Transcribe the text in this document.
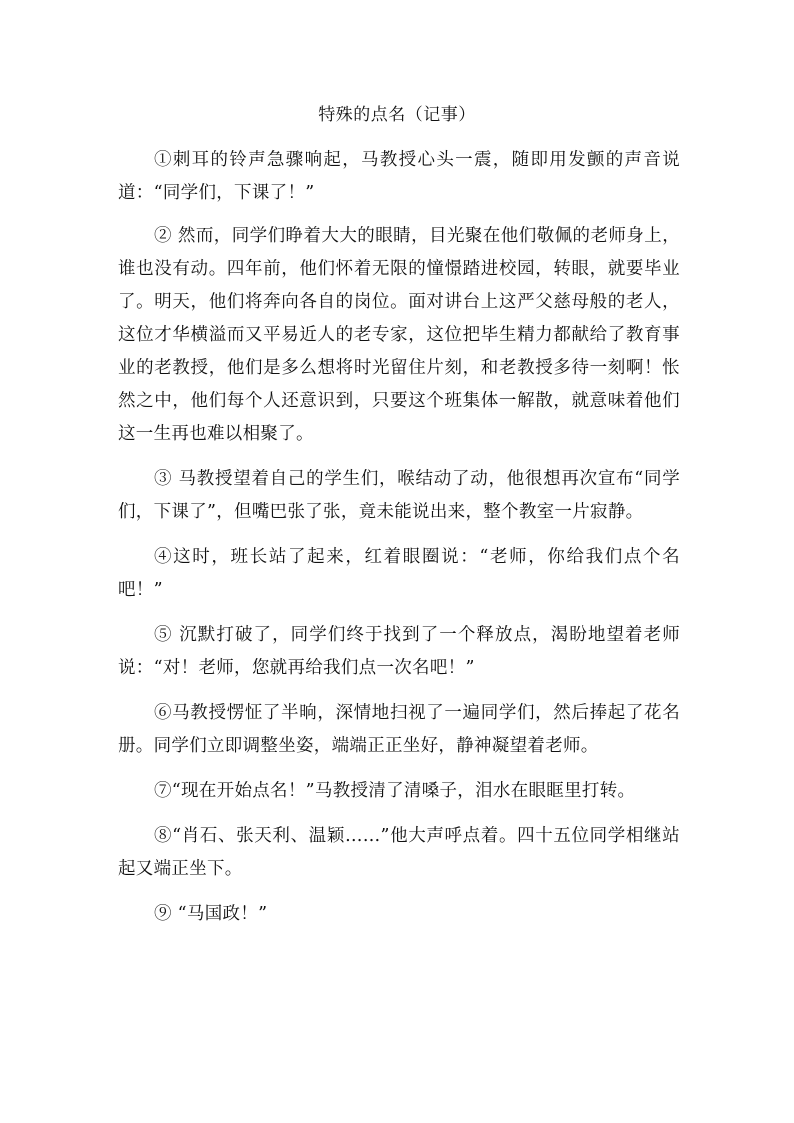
特殊的点名（记事）

①刺耳的铃声急骤响起，马教授心头一震，随即用发颤的声音说道：“同学们，下课了！”

② 然而，同学们睁着大大的眼睛，目光聚在他们敬佩的老师身上，谁也没有动。四年前，他们怀着无限的憧憬踏进校园，转眼，就要毕业了。明天，他们将奔向各自的岗位。面对讲台上这严父慈母般的老人，这位才华横溢而又平易近人的老专家，这位把毕生精力都献给了教育事业的老教授，他们是多么想将时光留住片刻，和老教授多待一刻啊！怅然之中，他们每个人还意识到，只要这个班集体一解散，就意味着他们这一生再也难以相聚了。

③ 马教授望着自己的学生们，喉结动了动，他很想再次宣布“同学们，下课了”，但嘴巴张了张，竟未能说出来，整个教室一片寂静。

④这时，班长站了起来，红着眼圈说：“老师，你给我们点个名吧！”

⑤ 沉默打破了，同学们终于找到了一个释放点，渴盼地望着老师说：“对！老师，您就再给我们点一次名吧！”

⑥马教授愣怔了半晌，深情地扫视了一遍同学们，然后捧起了花名册。同学们立即调整坐姿，端端正正坐好，静神凝望着老师。

⑦“现在开始点名！”马教授清了清嗓子，泪水在眼眶里打转。

⑧“肖石、张天利、温颖……”他大声呼点着。四十五位同学相继站起又端正坐下。

⑨ “马国政！”
